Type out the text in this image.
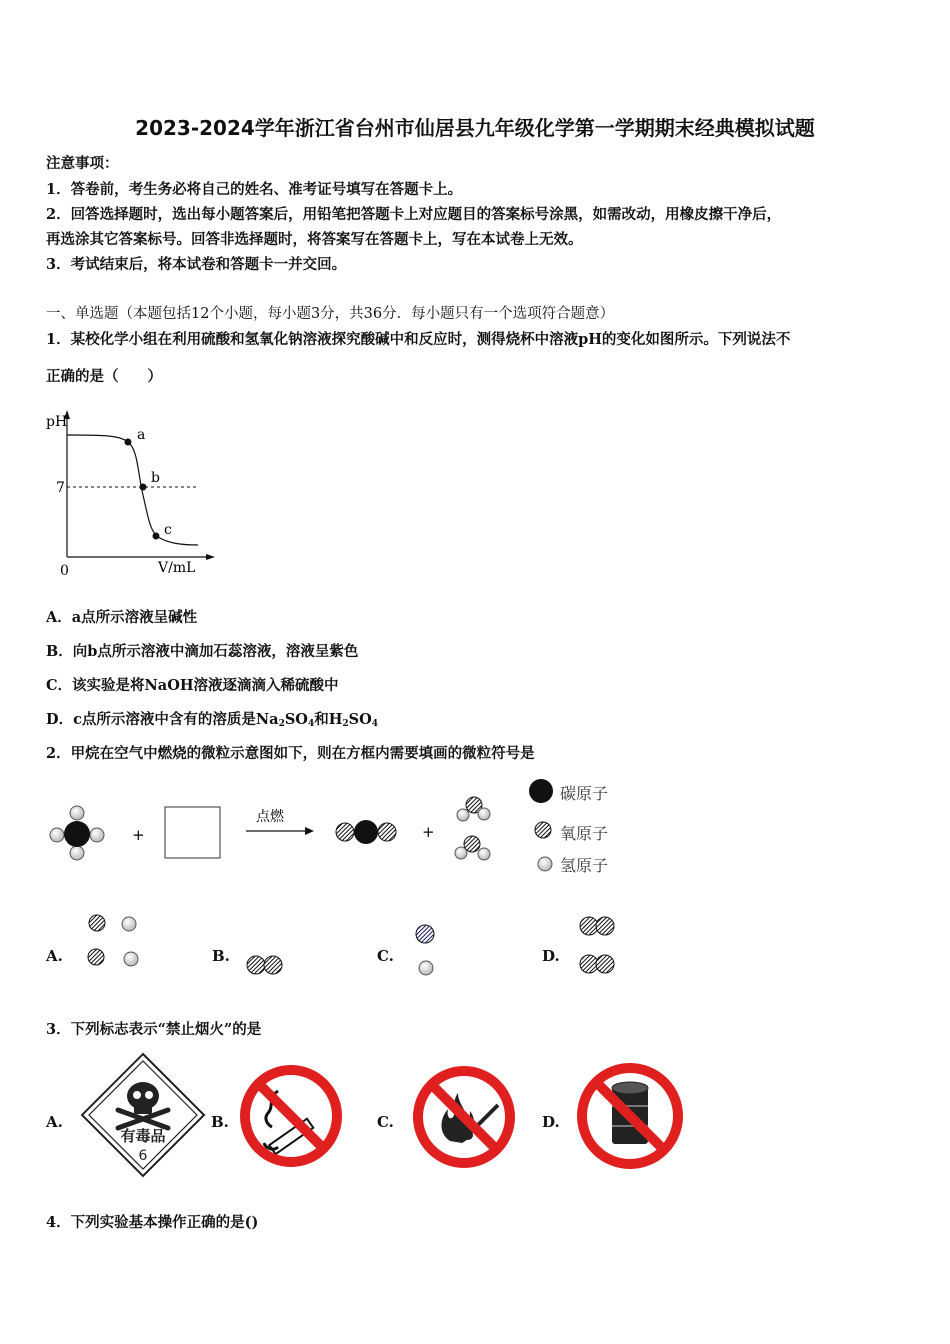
2023-2024学年浙江省台州市仙居县九年级化学第一学期期末经典模拟试题
注意事项：
1．答卷前，考生务必将自己的姓名、准考证号填写在答题卡上。
2．回答选择题时，选出每小题答案后，用铅笔把答题卡上对应题目的答案标号涂黑，如需改动，用橡皮擦干净后，
再选涂其它答案标号。回答非选择题时，将答案写在答题卡上，写在本试卷上无效。
3．考试结束后，将本试卷和答题卡一并交回。
一、单选题（本题包括12个小题，每小题3分，共36分．每小题只有一个选项符合题意）
1．某校化学小组在利用硫酸和氢氧化钠溶液探究酸碱中和反应时，测得烧杯中溶液pH的变化如图所示。下列说法不
正确的是（　　）
pH
7
0	V/mL
a
b
c
A．a点所示溶液呈碱性
B．向b点所示溶液中滴加石蕊溶液，溶液呈紫色
C．该实验是将NaOH溶液逐滴滴入稀硫酸中
D．c点所示溶液中含有的溶质是$Na_2SO_4$和$H_2SO_4$
2．甲烷在空气中燃烧的微粒示意图如下，则在方框内需要填画的微粒符号是
+
点燃
+
碳原子
氧原子
氢原子
A.	B.	C.	D.
3．下列标志表示“禁止烟火”的是
A.
有毒品
6
B.	C.	D.
4．下列实验基本操作正确的是()
